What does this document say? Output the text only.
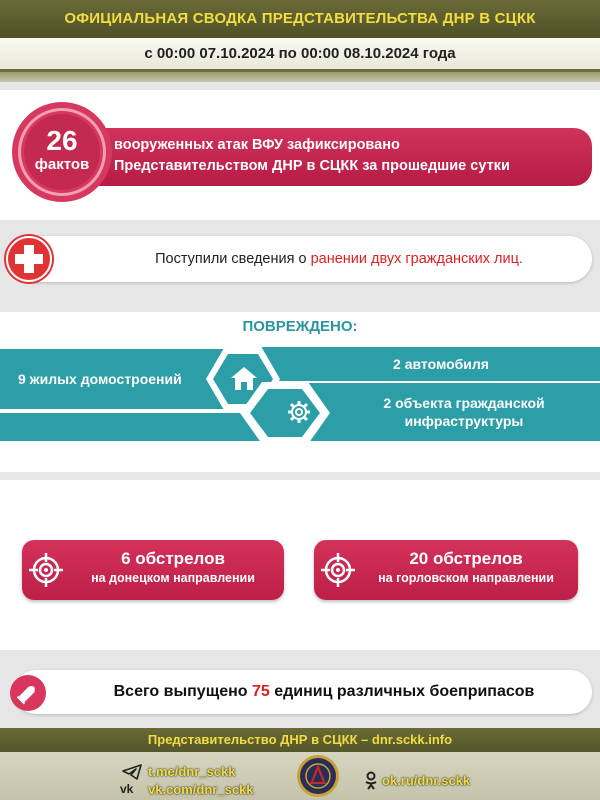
ОФИЦИАЛЬНАЯ СВОДКА ПРЕДСТАВИТЕЛЬСТВА ДНР В СЦКК
с 00:00 07.10.2024 по 00:00 08.10.2024 года
вооруженных атак ВФУ зафиксировано
Представительством ДНР в СЦКК за прошедшие сутки
26
фактов
Поступили сведения о ранении двух гражданских лиц.
ПОВРЕЖДЕНО:
9 жилых домостроений
2 автомобиля
2 объекта гражданской
инфраструктуры
6 обстрелов
на донецком направлении
20 обстрелов
на горловском направлении
Всего выпущено 75 единиц различных боеприпасов
Представительство ДНР в СЦКК – dnr.sckk.info
t.me/dnr_sckk
vk vk.com/dnr_sckk
ok.ru/dnr.sckk
